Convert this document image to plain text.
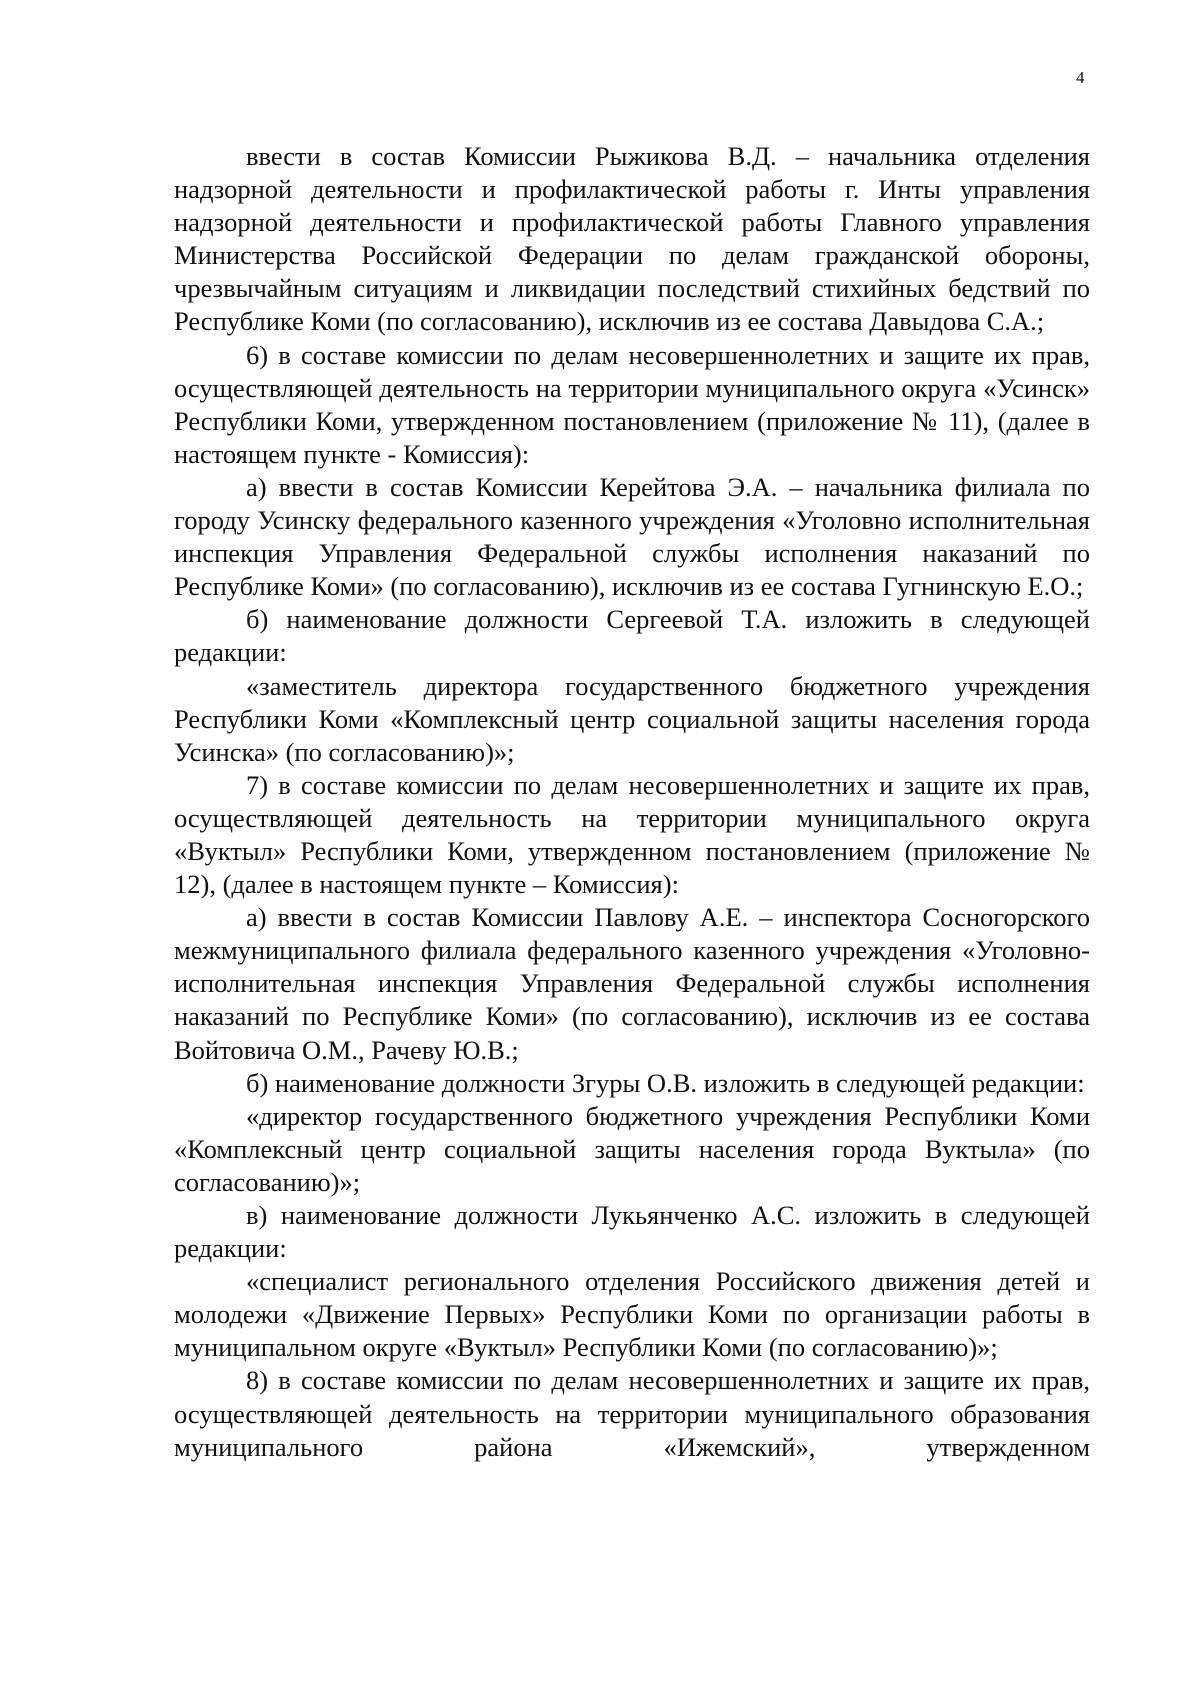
4

ввести в состав Комиссии Рыжикова В.Д. – начальника отделения надзорной деятельности и профилактической работы г. Инты управления надзорной деятельности и профилактической работы Главного управления Министерства Российской Федерации по делам гражданской обороны, чрезвычайным ситуациям и ликвидации последствий стихийных бедствий по Республике Коми (по согласованию), исключив из ее состава Давыдова С.А.;

6) в составе комиссии по делам несовершеннолетних и защите их прав, осуществляющей деятельность на территории муниципального округа «Усинск» Республики Коми, утвержденном постановлением (приложение № 11), (далее в настоящем пункте - Комиссия):

а) ввести в состав Комиссии Керейтова Э.А. – начальника филиала по городу Усинску федерального казенного учреждения «Уголовно исполнительная инспекция Управления Федеральной службы исполнения наказаний по Республике Коми» (по согласованию), исключив из ее состава Гугнинскую Е.О.;

б) наименование должности Сергеевой Т.А. изложить в следующей редакции:

«заместитель директора государственного бюджетного учреждения Республики Коми «Комплексный центр социальной защиты населения города Усинска» (по согласованию)»;

7) в составе комиссии по делам несовершеннолетних и защите их прав, осуществляющей деятельность на территории муниципального округа «Вуктыл» Республики Коми, утвержденном постановлением (приложение № 12), (далее в настоящем пункте – Комиссия):

а) ввести в состав Комиссии Павлову А.Е. – инспектора Сосногорского межмуниципального филиала федерального казенного учреждения «Уголовно-исполнительная инспекция Управления Федеральной службы исполнения наказаний по Республике Коми» (по согласованию), исключив из ее состава Войтовича О.М., Рачеву Ю.В.;

б) наименование должности Згуры О.В. изложить в следующей редакции:

«директор государственного бюджетного учреждения Республики Коми «Комплексный центр социальной защиты населения города Вуктыла» (по согласованию)»;

в) наименование должности Лукьянченко А.С. изложить в следующей редакции:

«специалист регионального отделения Российского движения детей и молодежи «Движение Первых» Республики Коми по организации работы в муниципальном округе «Вуктыл» Республики Коми (по согласованию)»;

8) в составе комиссии по делам несовершеннолетних и защите их прав, осуществляющей деятельность на территории муниципального образования муниципального района «Ижемский», утвержденном
